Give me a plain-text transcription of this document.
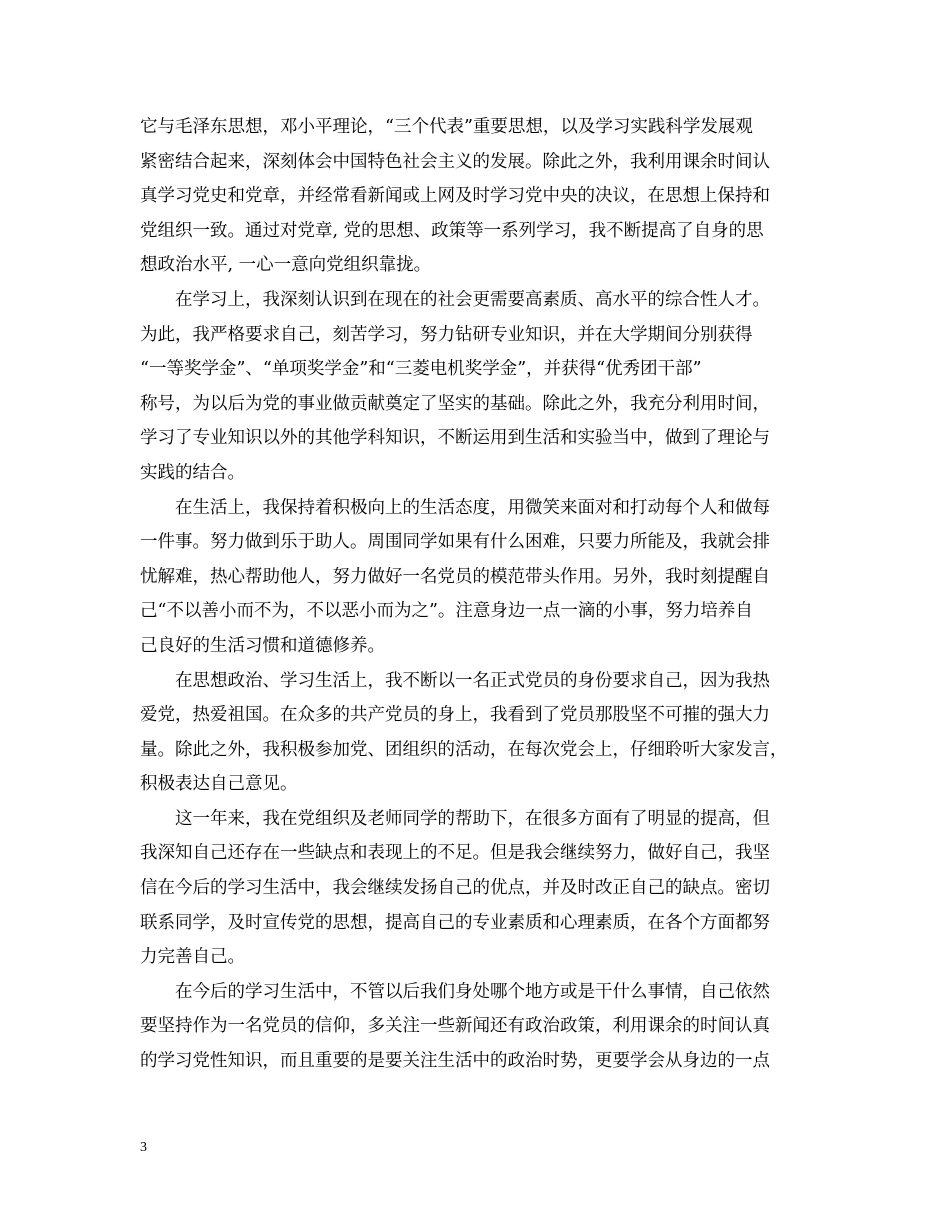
它与毛泽东思想，邓小平理论，“三个代表”重要思想，以及学习实践科学发展观
紧密结合起来，深刻体会中国特色社会主义的发展。除此之外，我利用课余时间认
真学习党史和党章，并经常看新闻或上网及时学习党中央的决议，在思想上保持和
党组织一致。通过对党章, 党的思想、政策等一系列学习，我不断提高了自身的思
想政治水平, 一心一意向党组织靠拢。
　　在学习上，我深刻认识到在现在的社会更需要高素质、高水平的综合性人才。
为此，我严格要求自己，刻苦学习，努力钻研专业知识，并在大学期间分别获得
“一等奖学金”、“单项奖学金”和“三菱电机奖学金”，并获得“优秀团干部”
称号，为以后为党的事业做贡献奠定了坚实的基础。除此之外，我充分利用时间，
学习了专业知识以外的其他学科知识，不断运用到生活和实验当中，做到了理论与
实践的结合。
　　在生活上，我保持着积极向上的生活态度，用微笑来面对和打动每个人和做每
一件事。努力做到乐于助人。周围同学如果有什么困难，只要力所能及，我就会排
忧解难，热心帮助他人，努力做好一名党员的模范带头作用。另外，我时刻提醒自
己“不以善小而不为，不以恶小而为之”。注意身边一点一滴的小事，努力培养自
己良好的生活习惯和道德修养。
　　在思想政治、学习生活上，我不断以一名正式党员的身份要求自己，因为我热
爱党，热爱祖国。在众多的共产党员的身上，我看到了党员那股坚不可摧的强大力
量。除此之外，我积极参加党、团组织的活动，在每次党会上，仔细聆听大家发言，
积极表达自己意见。
　　这一年来，我在党组织及老师同学的帮助下，在很多方面有了明显的提高，但
我深知自己还存在一些缺点和表现上的不足。但是我会继续努力，做好自己，我坚
信在今后的学习生活中，我会继续发扬自己的优点，并及时改正自己的缺点。密切
联系同学，及时宣传党的思想，提高自己的专业素质和心理素质，在各个方面都努
力完善自己。
　　在今后的学习生活中，不管以后我们身处哪个地方或是干什么事情，自己依然
要坚持作为一名党员的信仰，多关注一些新闻还有政治政策，利用课余的时间认真
的学习党性知识，而且重要的是要关注生活中的政治时势，更要学会从身边的一点
3
